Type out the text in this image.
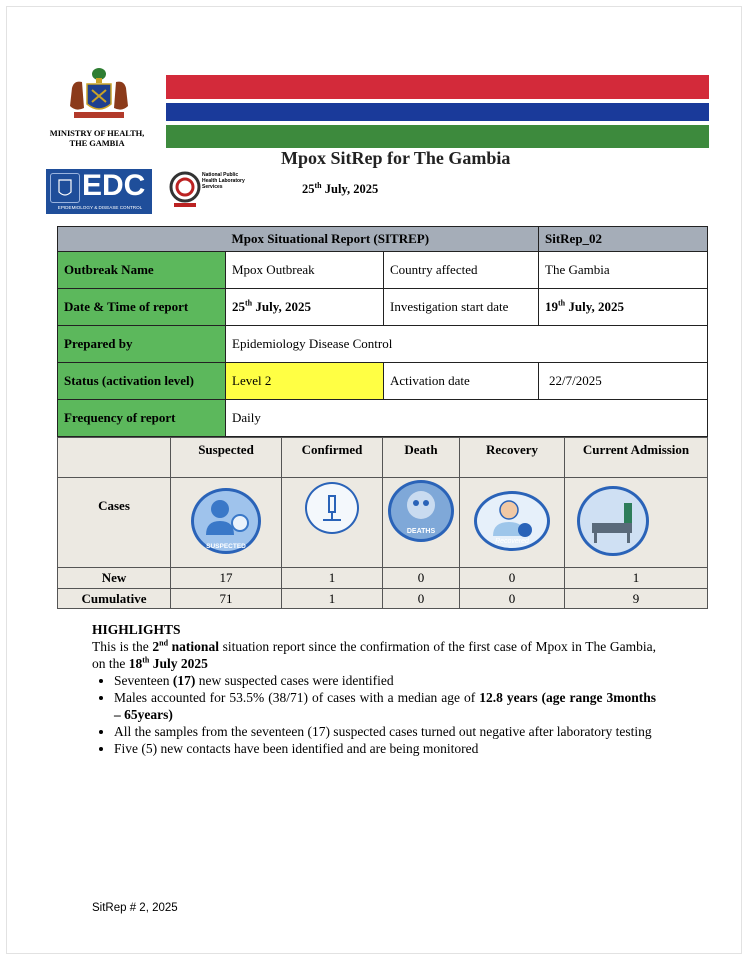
MINISTRY OF HEALTH,
THE GAMBIA
EDC
EPIDEMIOLOGY & DISEASE CONTROL
National Public Health Laboratory Services
Mpox SitRep for The Gambia
25th July, 2025
	Mpox Situational Report (SITREP)		SitRep_02
Outbreak Name	Mpox Outbreak	Country affected	The Gambia
Date & Time of report	25th July, 2025	Investigation start date	19th July, 2025
Prepared by	Epidemiology Disease Control		
Status (activation level)	Level 2	Activation date	22/7/2025
Frequency of report	Daily		
	Suspected	Confirmed	Death	Recovery	Current Admission
Cases	SUSPECTED		DEATHS	Recovered

New	17	1	0	0	1
Cumulative	71	1	0	0	9
HIGHLIGHTS
This is the 2nd national situation report since the confirmation of the first case of Mpox in The Gambia, on the 18th July 2025
• Seventeen (17) new suspected cases were identified
• Males accounted for 53.5% (38/71) of cases with a median age of 12.8 years (age range 3months – 65years)
• All the samples from the seventeen (17) suspected cases turned out negative after laboratory testing
• Five (5) new contacts have been identified and are being monitored
SitRep # 2, 2025
